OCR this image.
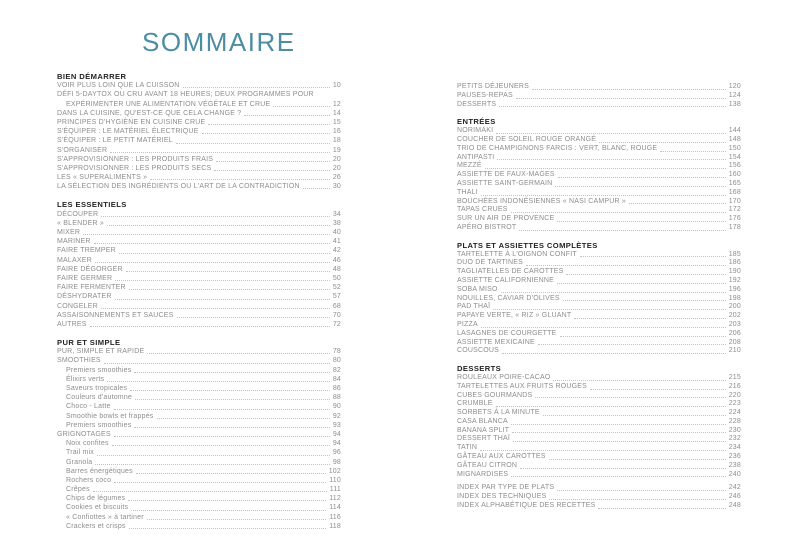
SOMMAIRE
BIEN DÉMARRER
VOIR PLUS LOIN QUE LA CUISSON	10
DÉFI 5-DAYTOX OU CRU AVANT 18 HEURES; DEUX PROGRAMMES POUR
EXPÉRIMENTER UNE ALIMENTATION VÉGÉTALE ET CRUE	12
DANS LA CUISINE, QU'EST-CE QUE CELA CHANGE ?	14
PRINCIPES D'HYGIÈNE EN CUISINE CRUE	15
S'ÉQUIPER : LE MATÉRIEL ÉLECTRIQUE	16
S'ÉQUIPER : LE PETIT MATÉRIEL	18
S'ORGANISER	19
S'APPROVISIONNER : LES PRODUITS FRAIS	20
S'APPROVISIONNER : LES PRODUITS SECS	20
LES « SUPERALIMENTS »	26
LA SÉLECTION DES INGRÉDIENTS OU L'ART DE LA CONTRADICTION	30
LES ESSENTIELS
DÉCOUPER	34
« BLENDER »	38
MIXER	40
MARINER	41
FAIRE TREMPER	42
MALAXER	46
FAIRE DÉGORGER	48
FAIRE GERMER	50
FAIRE FERMENTER	52
DÉSHYDRATER	57
CONGELER	68
ASSAISONNEMENTS ET SAUCES	70
AUTRES	72
PUR ET SIMPLE
PUR, SIMPLE ET RAPIDE	78
SMOOTHIES	80
Premiers smoothies	82
Élixirs verts	84
Saveurs tropicales	86
Couleurs d'automne	88
Choco - Latte	90
Smoothie bowls et frappés	92
Premiers smoothies	93
GRIGNOTAGES	94
Noix confites	94
Trail mix	96
Granola	98
Barres énergétiques	102
Rochers coco	110
Crêpes	111
Chips de légumes	112
Cookies et biscuits	114
« Confiottes » à tartiner	116
Crackers et crisps	118
PETITS DÉJEUNERS	120
PAUSES-REPAS	124
DESSERTS	138
ENTRÉES
NORIMAKI	144
COUCHER DE SOLEIL ROUGE ORANGÉ	148
TRIO DE CHAMPIGNONS FARCIS : VERT, BLANC, ROUGE	150
ANTIPASTI	154
MEZZÉ	156
ASSIETTE DE FAUX-MAGES	160
ASSIETTE SAINT-GERMAIN	165
THALI	168
BOUCHÉES INDONÉSIENNES « NASI CAMPUR »	170
TAPAS CRUES	172
SUR UN AIR DE PROVENCE	176
APÉRO BISTROT	178
PLATS ET ASSIETTES COMPLÈTES
TARTELETTE À L'OIGNON CONFIT	185
DUO DE TARTINES	186
TAGLIATELLES DE CAROTTES	190
ASSIETTE CALIFORNIENNE	192
SOBA MISO	196
NOUILLES, CAVIAR D'OLIVES	198
PAD THAÏ	200
PAPAYE VERTE, « RIZ » GLUANT	202
PIZZA	203
LASAGNES DE COURGETTE	206
ASSIETTE MEXICAINE	208
COUSCOUS	210
DESSERTS
ROULEAUX POIRE-CACAO	215
TARTELETTES AUX FRUITS ROUGES	216
CUBES GOURMANDS	220
CRUMBLE	223
SORBETS À LA MINUTE	224
CASA BLANCA	228
BANANA SPLIT	230
DESSERT THAÏ	232
TATIN	234
GÂTEAU AUX CAROTTES	236
GÂTEAU CITRON	238
MIGNARDISES	240
INDEX PAR TYPE DE PLATS	242
INDEX DES TECHNIQUES	246
INDEX ALPHABÉTIQUE DES RECETTES	248
